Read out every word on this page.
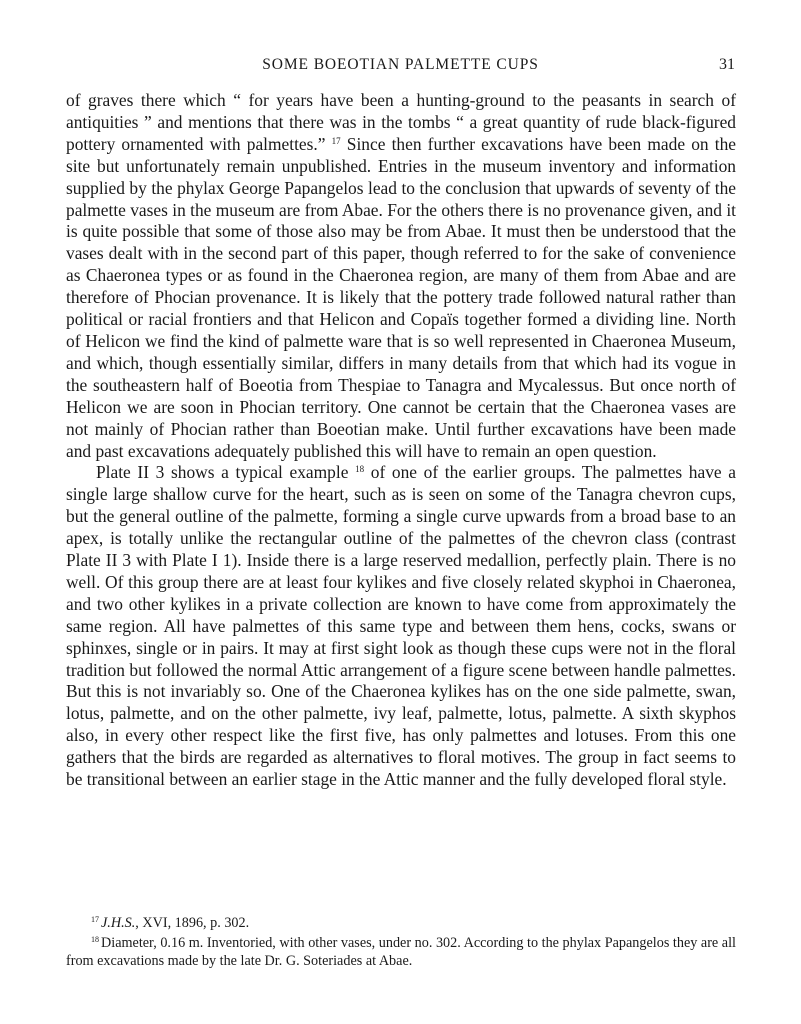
SOME BOEOTIAN PALMETTE CUPS	31

of graves there which “ for years have been a hunting-ground to the peasants in search of antiquities ” and mentions that there was in the tombs “ a great quantity of rude black-figured pottery ornamented with palmettes.” $^{17}$ Since then further excavations have been made on the site but unfortunately remain unpublished. Entries in the museum inventory and information supplied by the phylax George Papangelos lead to the conclusion that upwards of seventy of the palmette vases in the museum are from Abae. For the others there is no provenance given, and it is quite possible that some of those also may be from Abae. It must then be understood that the vases dealt with in the second part of this paper, though referred to for the sake of convenience as Chaeronea types or as found in the Chaeronea region, are many of them from Abae and are therefore of Phocian provenance. It is likely that the pottery trade followed natural rather than political or racial frontiers and that Helicon and Copaïs together formed a dividing line. North of Helicon we find the kind of palmette ware that is so well represented in Chaeronea Museum, and which, though essentially similar, differs in many details from that which had its vogue in the southeastern half of Boeotia from Thespiae to Tanagra and Mycalessus. But once north of Helicon we are soon in Phocian territory. One cannot be certain that the Chaeronea vases are not mainly of Phocian rather than Boeotian make. Until further excavations have been made and past excavations adequately published this will have to remain an open question.

Plate II 3 shows a typical example $^{18}$ of one of the earlier groups. The palmettes have a single large shallow curve for the heart, such as is seen on some of the Tanagra chevron cups, but the general outline of the palmette, forming a single curve upwards from a broad base to an apex, is totally unlike the rectangular outline of the palmettes of the chevron class (contrast Plate II 3 with Plate I 1). Inside there is a large reserved medallion, perfectly plain. There is no well. Of this group there are at least four kylikes and five closely related skyphoi in Chaeronea, and two other kylikes in a private collection are known to have come from approximately the same region. All have palmettes of this same type and between them hens, cocks, swans or sphinxes, single or in pairs. It may at first sight look as though these cups were not in the floral tradition but followed the normal Attic arrangement of a figure scene between handle palmettes. But this is not invariably so. One of the Chaeronea kylikes has on the one side palmette, swan, lotus, palmette, and on the other palmette, ivy leaf, palmette, lotus, palmette. A sixth skyphos also, in every other respect like the first five, has only palmettes and lotuses. From this one gathers that the birds are regarded as alternatives to floral motives. The group in fact seems to be transitional between an earlier stage in the Attic manner and the fully developed floral style.

$^{17}$ J.H.S., XVI, 1896, p. 302.

$^{18}$ Diameter, 0.16 m. Inventoried, with other vases, under no. 302. According to the phylax Papangelos they are all from excavations made by the late Dr. G. Soteriades at Abae.
